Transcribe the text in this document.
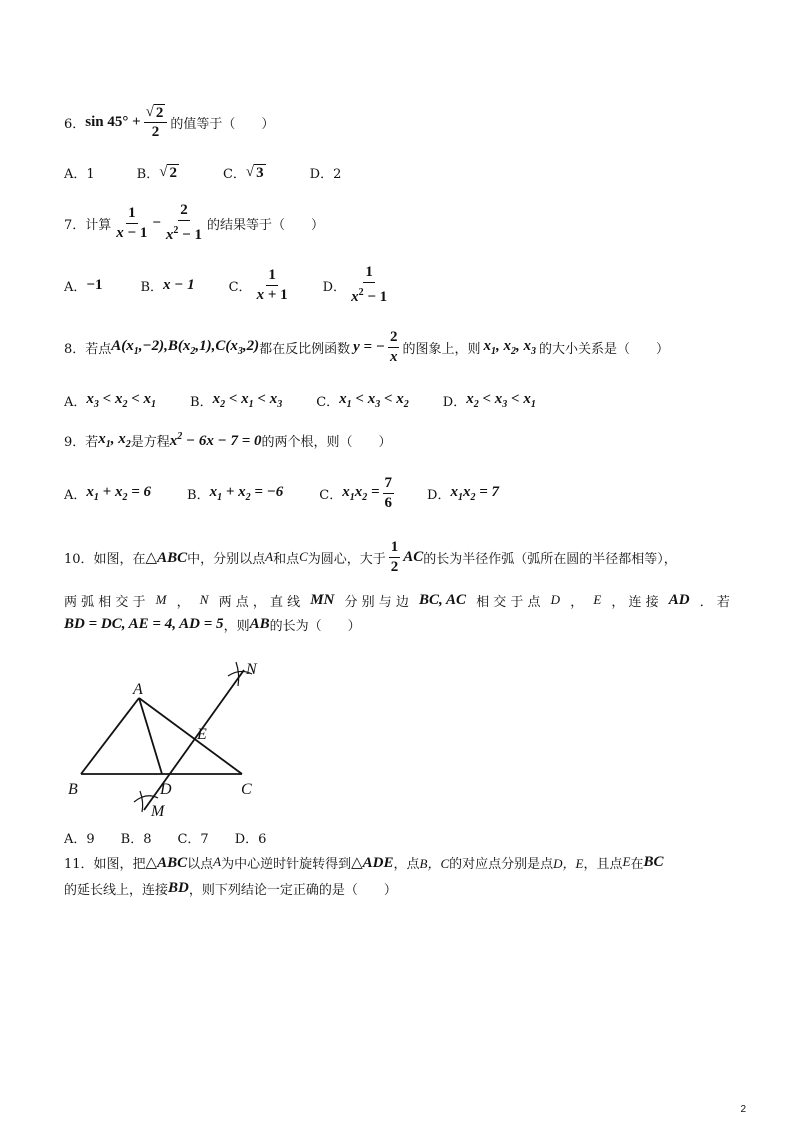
6． $\sin 45^\circ + \frac{√ 2}{2}$ 的值等于（　　）
A．1	B． √ 2	C． √ 3	D．2
7．计算 $\frac{1}{x - 1} - \frac{2}{x^2 - 1}$ 的结果等于（　　）
A． −1	B． x − 1	C． $\frac{1}{x + 1}$	D． $\frac{1}{x^2 - 1}$
8．若点 $A(x_1,-2),B(x_2,1),C(x_3,2)$ 都在反比例函数 y = − $\frac{2}{x}$ 的图象上，则 $x_1$, $x_2$, $x_3$ 的大小关系是（　　）
A． $x_3 < x_2 < x_1$	B． $x_2 < x_1 < x_3$	C． $x_1 < x_3 < x_2$	D． $x_2 < x_3 < x_1$
9．若 $x_1$, $x_2$ 是方程 $x^2 - 6x - 7 = 0$ 的两个根，则（　　）
A． $x_1 + x_2 = 6$	B． $x_1 + x_2 = -6$	C． $x_1x_2 = \frac{7}{6}$	D． $x_1x_2 = 7$
10．如图，在 △ABC 中，分别以点 A 和点 C 为圆心，大于 $\frac{1}{2}$ AC 的长为半径作弧（弧所在圆的半径都相等），
两 弧 相 交 于 M ， N 两 点 ， 直 线 MN 分 别 与 边 BC, AC 相 交 于 点 D ， E ， 连 接 AD ． 若
BD = DC, AE = 4, AD = 5 ，则 AB 的长为（　　）
A
B	C
D
E
M
N
A．9　　B．8　　C．7　　D．6
11．如图，把 △ABC 以点 A 为中心逆时针旋转得到 △ADE ，点 B，C 的对应点分别是点 D，E ，且点 E 在 BC
的延长线上，连接 BD ，则下列结论一定正确的是（　　）
2
